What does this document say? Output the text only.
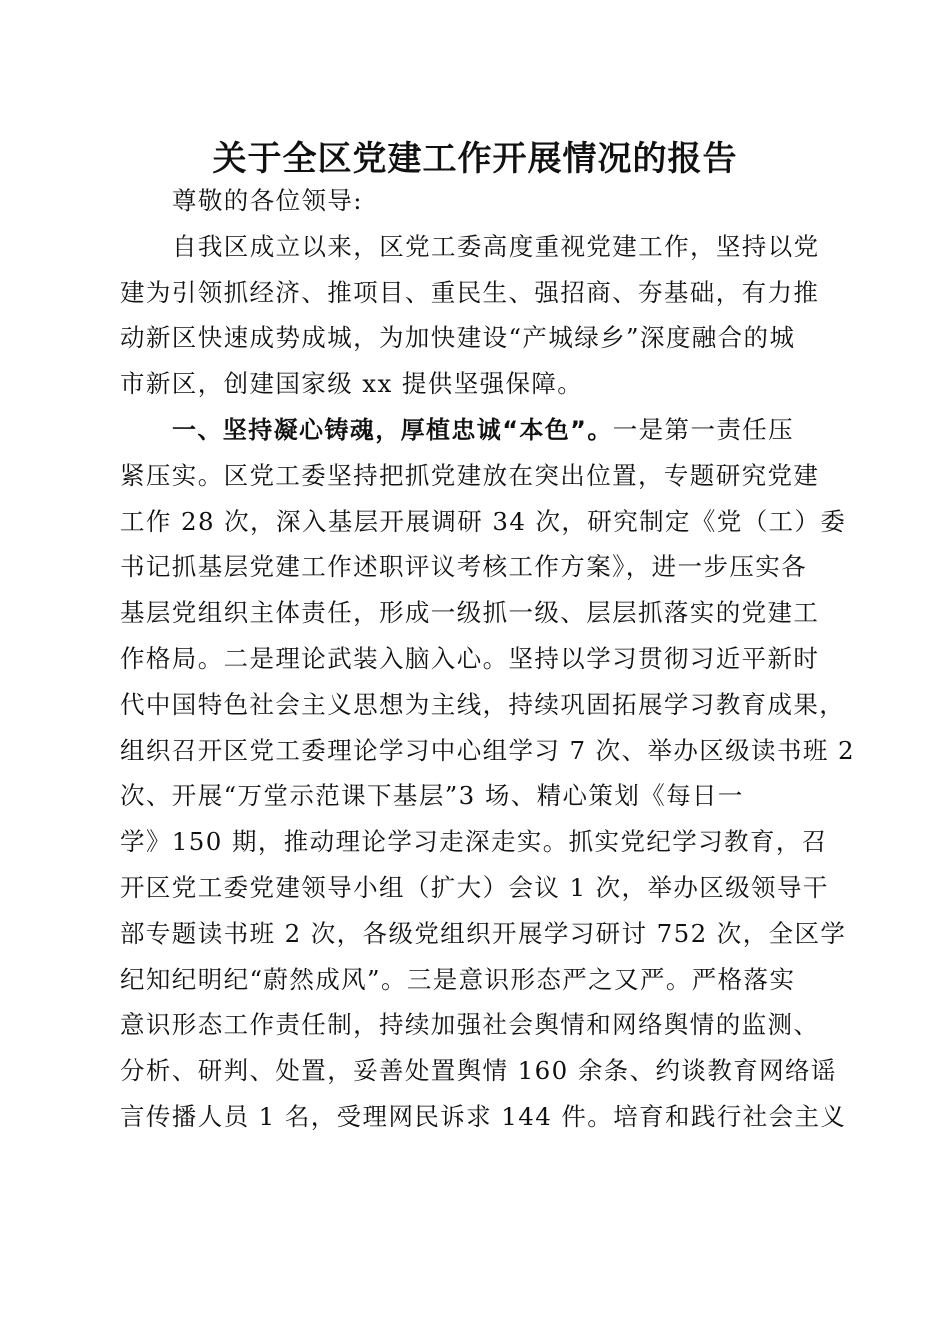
关于全区党建工作开展情况的报告
尊敬的各位领导:
自我区成立以来，区党工委高度重视党建工作，坚持以党
建为引领抓经济、推项目、重民生、强招商、夯基础，有力推
动新区快速成势成城，为加快建设“产城绿乡”深度融合的城
市新区，创建国家级 xx 提供坚强保障。
一、坚持凝心铸魂，厚植忠诚“本色”。一是第一责任压
紧压实。区党工委坚持把抓党建放在突出位置，专题研究党建
工作 28 次，深入基层开展调研 34 次，研究制定《党（工）委
书记抓基层党建工作述职评议考核工作方案》，进一步压实各
基层党组织主体责任，形成一级抓一级、层层抓落实的党建工
作格局。二是理论武装入脑入心。坚持以学习贯彻习近平新时
代中国特色社会主义思想为主线，持续巩固拓展学习教育成果，
组织召开区党工委理论学习中心组学习 7 次、举办区级读书班 2
次、开展“万堂示范课下基层”3 场、精心策划《每日一
学》150 期，推动理论学习走深走实。抓实党纪学习教育，召
开区党工委党建领导小组（扩大）会议 1 次，举办区级领导干
部专题读书班 2 次，各级党组织开展学习研讨 752 次，全区学
纪知纪明纪“蔚然成风”。三是意识形态严之又严。严格落实
意识形态工作责任制，持续加强社会舆情和网络舆情的监测、
分析、研判、处置，妥善处置舆情 160 余条、约谈教育网络谣
言传播人员 1 名，受理网民诉求 144 件。培育和践行社会主义
